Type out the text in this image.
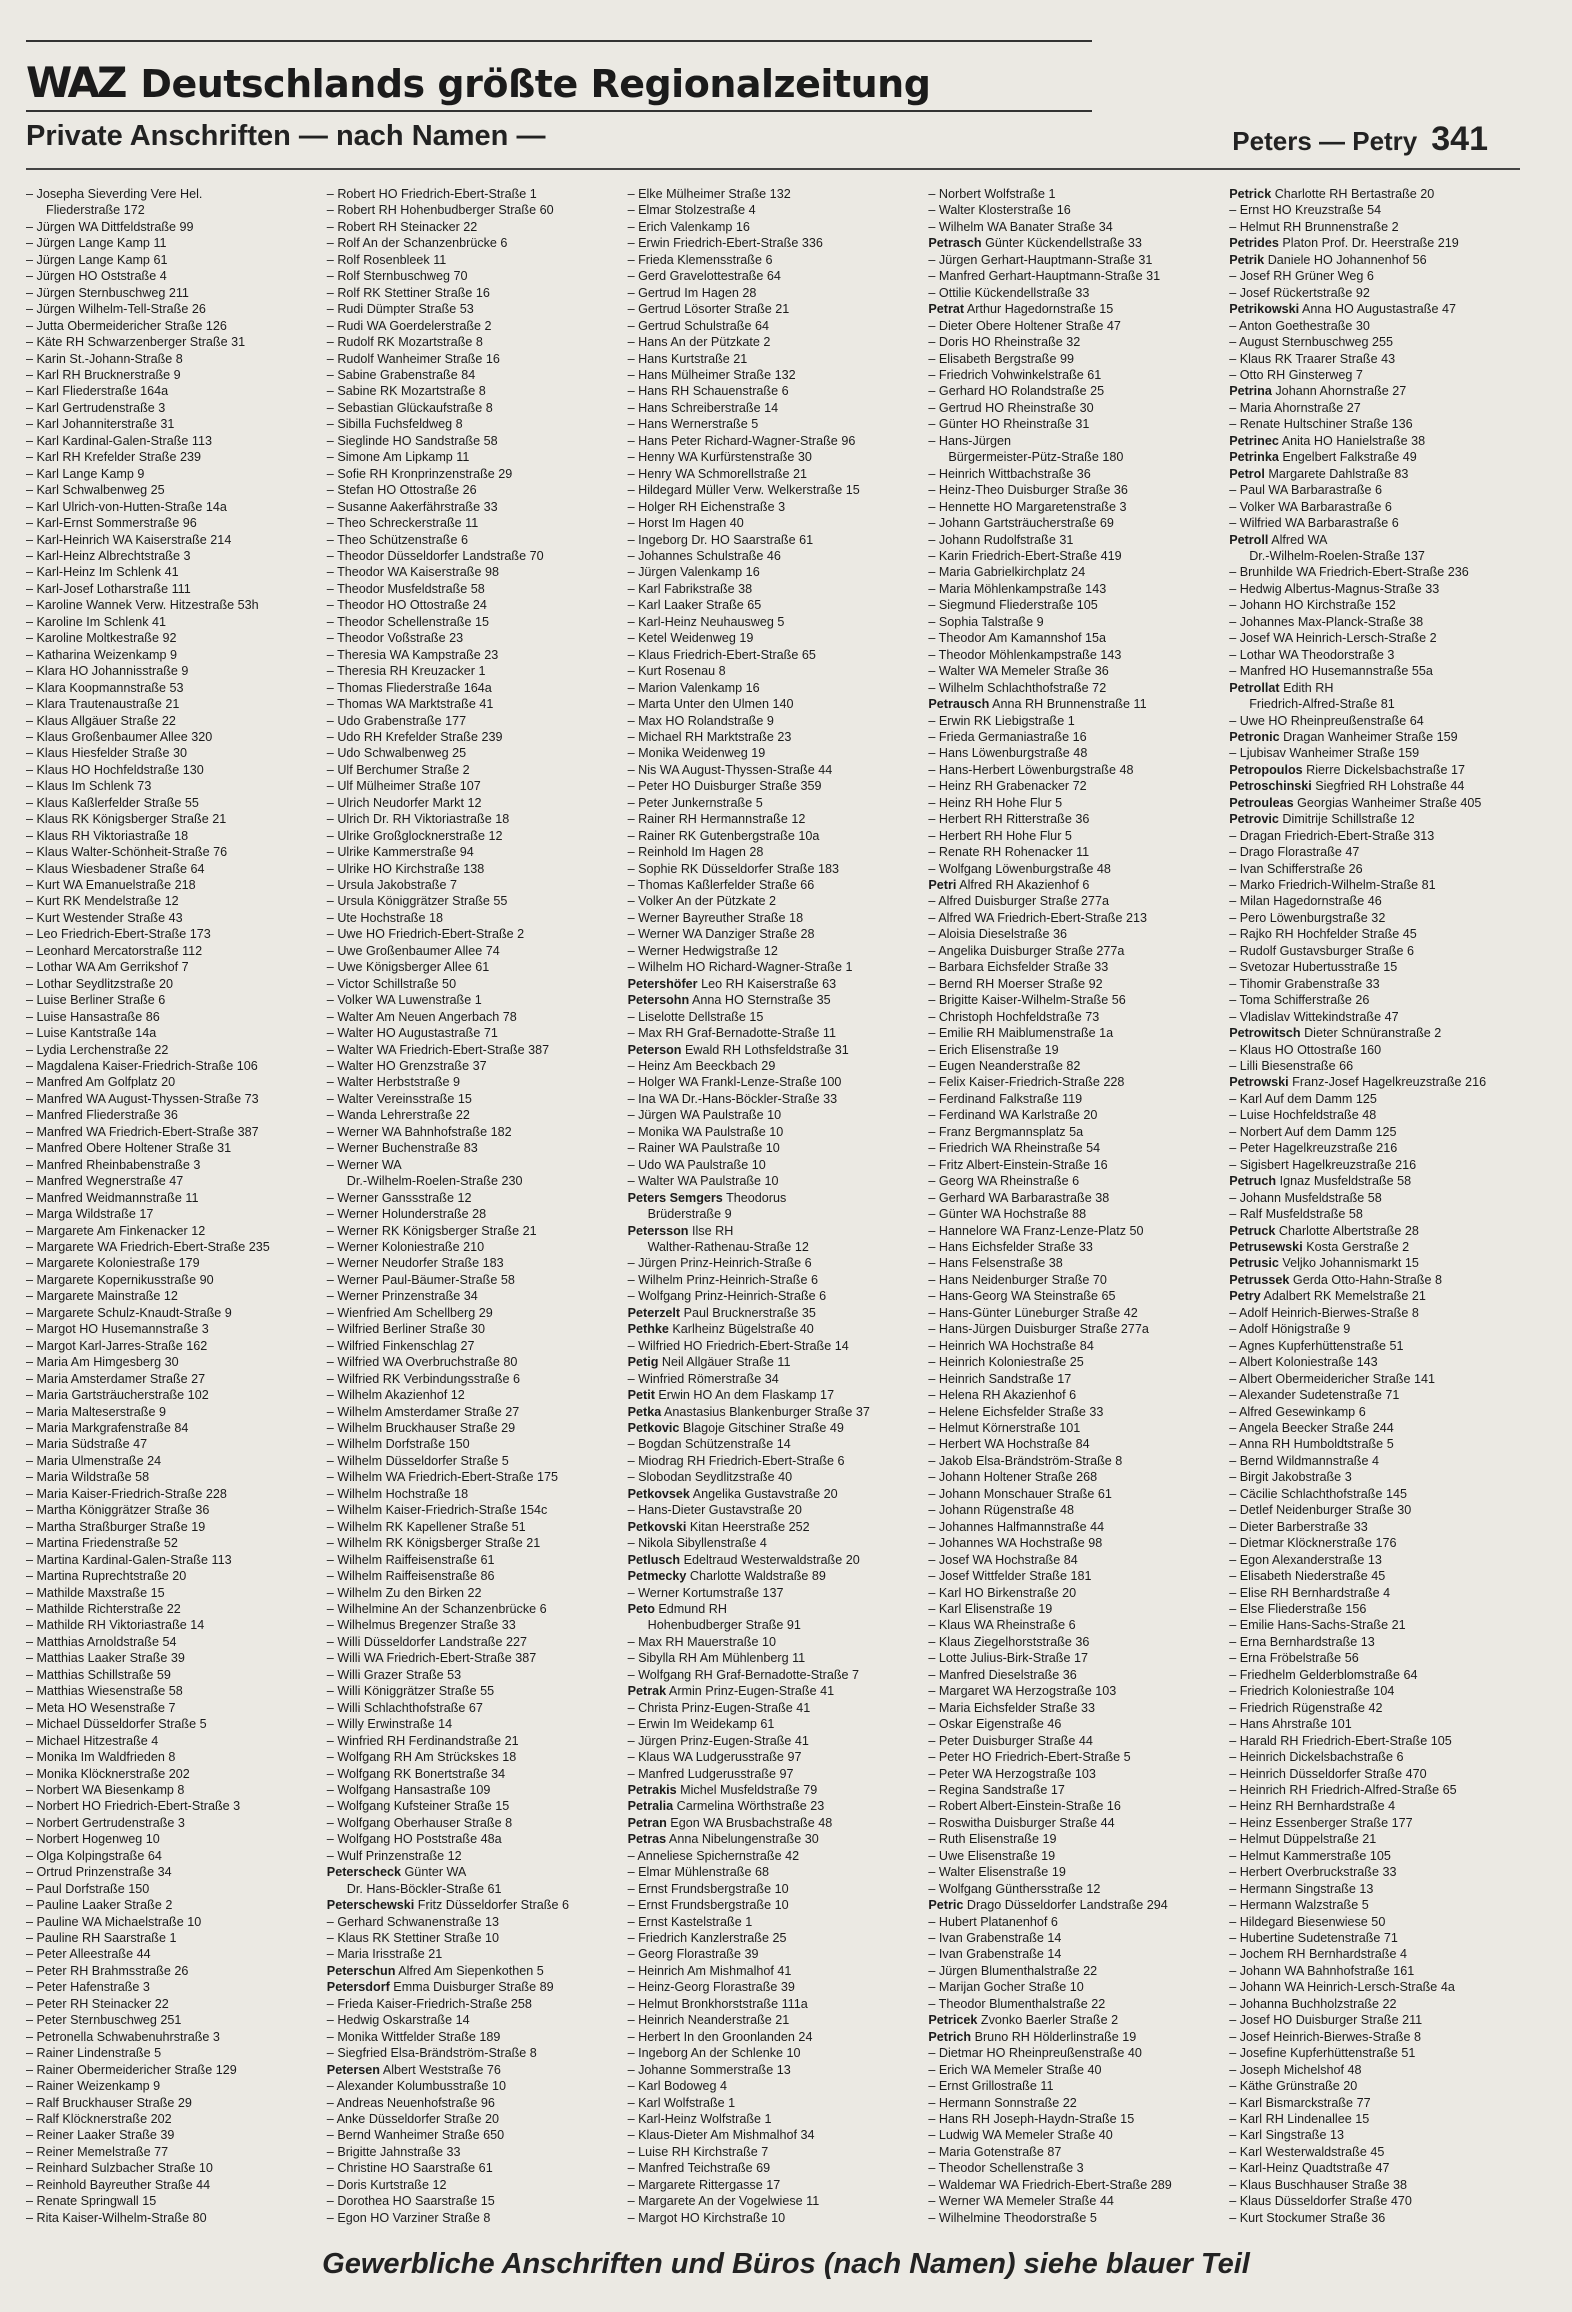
WAZ Deutschlands größte Regionalzeitung
Private Anschriften — nach Namen —	Peters — Petry 341
– Josepha Sieverding Vere Hel.
Fliederstraße 172
– Jürgen WA Dittfeldstraße 99
– Jürgen Lange Kamp 11
– Jürgen Lange Kamp 61
– Jürgen HO Oststraße 4
– Jürgen Sternbuschweg 211
– Jürgen Wilhelm-Tell-Straße 26
– Jutta Obermeidericher Straße 126
– Käte RH Schwarzenberger Straße 31
– Karin St.-Johann-Straße 8
– Karl RH Brucknerstraße 9
– Karl Fliederstraße 164a
– Karl Gertrudenstraße 3
– Karl Johanniterstraße 31
– Karl Kardinal-Galen-Straße 113
– Karl RH Krefelder Straße 239
– Karl Lange Kamp 9
– Karl Schwalbenweg 25
– Karl Ulrich-von-Hutten-Straße 14a
– Karl-Ernst Sommerstraße 96
– Karl-Heinrich WA Kaiserstraße 214
– Karl-Heinz Albrechtstraße 3
– Karl-Heinz Im Schlenk 41
– Karl-Josef Lotharstraße 111
– Karoline Wannek Verw. Hitzestraße 53h
– Karoline Im Schlenk 41
– Karoline Moltkestraße 92
– Katharina Weizenkamp 9
– Klara HO Johannisstraße 9
– Klara Koopmannstraße 53
– Klara Trautenaustraße 21
– Klaus Allgäuer Straße 22
– Klaus Großenbaumer Allee 320
– Klaus Hiesfelder Straße 30
– Klaus HO Hochfeldstraße 130
– Klaus Im Schlenk 73
– Klaus Kaßlerfelder Straße 55
– Klaus RK Königsberger Straße 21
– Klaus RH Viktoriastraße 18
– Klaus Walter-Schönheit-Straße 76
– Klaus Wiesbadener Straße 64
– Kurt WA Emanuelstraße 218
– Kurt RK Mendelstraße 12
– Kurt Westender Straße 43
– Leo Friedrich-Ebert-Straße 173
– Leonhard Mercatorstraße 112
– Lothar WA Am Gerrikshof 7
– Lothar Seydlitzstraße 20
– Luise Berliner Straße 6
– Luise Hansastraße 86
– Luise Kantstraße 14a
– Lydia Lerchenstraße 22
– Magdalena Kaiser-Friedrich-Straße 106
– Manfred Am Golfplatz 20
– Manfred WA August-Thyssen-Straße 73
– Manfred Fliederstraße 36
– Manfred WA Friedrich-Ebert-Straße 387
– Manfred Obere Holtener Straße 31
– Manfred Rheinbabenstraße 3
– Manfred Wegnerstraße 47
– Manfred Weidmannstraße 11
– Marga Wildstraße 17
– Margarete Am Finkenacker 12
– Margarete WA Friedrich-Ebert-Straße 235
– Margarete Koloniestraße 179
– Margarete Kopernikusstraße 90
– Margarete Mainstraße 12
– Margarete Schulz-Knaudt-Straße 9
– Margot HO Husemannstraße 3
– Margot Karl-Jarres-Straße 162
– Maria Am Himgesberg 30
– Maria Amsterdamer Straße 27
– Maria Gartsträucherstraße 102
– Maria Malteserstraße 9
– Maria Markgrafenstraße 84
– Maria Südstraße 47
– Maria Ulmenstraße 24
– Maria Wildstraße 58
– Maria Kaiser-Friedrich-Straße 228
– Martha Königgrätzer Straße 36
– Martha Straßburger Straße 19
– Martina Friedenstraße 52
– Martina Kardinal-Galen-Straße 113
– Martina Ruprechtstraße 20
– Mathilde Maxstraße 15
– Mathilde Richterstraße 22
– Mathilde RH Viktoriastraße 14
– Matthias Arnoldstraße 54
– Matthias Laaker Straße 39
– Matthias Schillstraße 59
– Matthias Wiesenstraße 58
– Meta HO Wesenstraße 7
– Michael Düsseldorfer Straße 5
– Michael Hitzestraße 4
– Monika Im Waldfrieden 8
– Monika Klöcknerstraße 202
– Norbert WA Biesenkamp 8
– Norbert HO Friedrich-Ebert-Straße 3
– Norbert Gertrudenstraße 3
– Norbert Hogenweg 10
– Olga Kolpingstraße 64
– Ortrud Prinzenstraße 34
– Paul Dorfstraße 150
– Pauline Laaker Straße 2
– Pauline WA Michaelstraße 10
– Pauline RH Saarstraße 1
– Peter Alleestraße 44
– Peter RH Brahmsstraße 26
– Peter Hafenstraße 3
– Peter RH Steinacker 22
– Peter Sternbuschweg 251
– Petronella Schwabenuhrstraße 3
– Rainer Lindenstraße 5
– Rainer Obermeidericher Straße 129
– Rainer Weizenkamp 9
– Ralf Bruckhauser Straße 29
– Ralf Klöcknerstraße 202
– Reiner Laaker Straße 39
– Reiner Memelstraße 77
– Reinhard Sulzbacher Straße 10
– Reinhold Bayreuther Straße 44
– Renate Springwall 15
– Rita Kaiser-Wilhelm-Straße 80
– Robert HO Friedrich-Ebert-Straße 1
– Robert RH Hohenbudberger Straße 60
– Robert RH Steinacker 22
– Rolf An der Schanzenbrücke 6
– Rolf Rosenbleek 11
– Rolf Sternbuschweg 70
– Rolf RK Stettiner Straße 16
– Rudi Dümpter Straße 53
– Rudi WA Goerdelerstraße 2
– Rudolf RK Mozartstraße 8
– Rudolf Wanheimer Straße 16
– Sabine Grabenstraße 84
– Sabine RK Mozartstraße 8
– Sebastian Glückaufstraße 8
– Sibilla Fuchsfeldweg 8
– Sieglinde HO Sandstraße 58
– Simone Am Lipkamp 11
– Sofie RH Kronprinzenstraße 29
– Stefan HO Ottostraße 26
– Susanne Aakerfährstraße 33
– Theo Schreckerstraße 11
– Theo Schützenstraße 6
– Theodor Düsseldorfer Landstraße 70
– Theodor WA Kaiserstraße 98
– Theodor Musfeldstraße 58
– Theodor HO Ottostraße 24
– Theodor Schellenstraße 15
– Theodor Voßstraße 23
– Theresia WA Kampstraße 23
– Theresia RH Kreuzacker 1
– Thomas Fliederstraße 164a
– Thomas WA Marktstraße 41
– Udo Grabenstraße 177
– Udo RH Krefelder Straße 239
– Udo Schwalbenweg 25
– Ulf Berchumer Straße 2
– Ulf Mülheimer Straße 107
– Ulrich Neudorfer Markt 12
– Ulrich Dr. RH Viktoriastraße 18
– Ulrike Großglocknerstraße 12
– Ulrike Kammerstraße 94
– Ulrike HO Kirchstraße 138
– Ursula Jakobstraße 7
– Ursula Königgrätzer Straße 55
– Ute Hochstraße 18
– Uwe HO Friedrich-Ebert-Straße 2
– Uwe Großenbaumer Allee 74
– Uwe Königsberger Allee 61
– Victor Schillstraße 50
– Volker WA Luwenstraße 1
– Walter Am Neuen Angerbach 78
– Walter HO Augustastraße 71
– Walter WA Friedrich-Ebert-Straße 387
– Walter HO Grenzstraße 37
– Walter Herbststraße 9
– Walter Vereinsstraße 15
– Wanda Lehrerstraße 22
– Werner WA Bahnhofstraße 182
– Werner Buchenstraße 83
– Werner WA
Dr.-Wilhelm-Roelen-Straße 230
– Werner Ganssstraße 12
– Werner Holunderstraße 28
– Werner RK Königsberger Straße 21
– Werner Koloniestraße 210
– Werner Neudorfer Straße 183
– Werner Paul-Bäumer-Straße 58
– Werner Prinzenstraße 34
– Wienfried Am Schellberg 29
– Wilfried Berliner Straße 30
– Wilfried Finkenschlag 27
– Wilfried WA Overbruchstraße 80
– Wilfried RK Verbindungsstraße 6
– Wilhelm Akazienhof 12
– Wilhelm Amsterdamer Straße 27
– Wilhelm Bruckhauser Straße 29
– Wilhelm Dorfstraße 150
– Wilhelm Düsseldorfer Straße 5
– Wilhelm WA Friedrich-Ebert-Straße 175
– Wilhelm Hochstraße 18
– Wilhelm Kaiser-Friedrich-Straße 154c
– Wilhelm RK Kapellener Straße 51
– Wilhelm RK Königsberger Straße 21
– Wilhelm Raiffeisenstraße 61
– Wilhelm Raiffeisenstraße 86
– Wilhelm Zu den Birken 22
– Wilhelmine An der Schanzenbrücke 6
– Wilhelmus Bregenzer Straße 33
– Willi Düsseldorfer Landstraße 227
– Willi WA Friedrich-Ebert-Straße 387
– Willi Grazer Straße 53
– Willi Königgrätzer Straße 55
– Willi Schlachthofstraße 67
– Willy Erwinstraße 14
– Winfried RH Ferdinandstraße 21
– Wolfgang RH Am Strückskes 18
– Wolfgang RK Bonertstraße 34
– Wolfgang Hansastraße 109
– Wolfgang Kufsteiner Straße 15
– Wolfgang Oberhauser Straße 8
– Wolfgang HO Poststraße 48a
– Wulf Prinzenstraße 12
Peterscheck Günter WA
Dr. Hans-Böckler-Straße 61
Peterschewski Fritz Düsseldorfer Straße 6
– Gerhard Schwanenstraße 13
– Klaus RK Stettiner Straße 10
– Maria Irisstraße 21
Peterschun Alfred Am Siepenkothen 5
Petersdorf Emma Duisburger Straße 89
– Frieda Kaiser-Friedrich-Straße 258
– Hedwig Oskarstraße 14
– Monika Wittfelder Straße 189
– Siegfried Elsa-Brändström-Straße 8
Petersen Albert Weststraße 76
– Alexander Kolumbusstraße 10
– Andreas Neuenhofstraße 96
– Anke Düsseldorfer Straße 20
– Bernd Wanheimer Straße 650
– Brigitte Jahnstraße 33
– Christine HO Saarstraße 61
– Doris Kurtstraße 12
– Dorothea HO Saarstraße 15
– Egon HO Varziner Straße 8
– Elke Mülheimer Straße 132
– Elmar Stolzestraße 4
– Erich Valenkamp 16
– Erwin Friedrich-Ebert-Straße 336
– Frieda Klemensstraße 6
– Gerd Gravelottestraße 64
– Gertrud Im Hagen 28
– Gertrud Lösorter Straße 21
– Gertrud Schulstraße 64
– Hans An der Pützkate 2
– Hans Kurtstraße 21
– Hans Mülheimer Straße 132
– Hans RH Schauenstraße 6
– Hans Schreiberstraße 14
– Hans Wernerstraße 5
– Hans Peter Richard-Wagner-Straße 96
– Henny WA Kurfürstenstraße 30
– Henry WA Schmorellstraße 21
– Hildegard Müller Verw. Welkerstraße 15
– Holger RH Eichenstraße 3
– Horst Im Hagen 40
– Ingeborg Dr. HO Saarstraße 61
– Johannes Schulstraße 46
– Jürgen Valenkamp 16
– Karl Fabrikstraße 38
– Karl Laaker Straße 65
– Karl-Heinz Neuhausweg 5
– Ketel Weidenweg 19
– Klaus Friedrich-Ebert-Straße 65
– Kurt Rosenau 8
– Marion Valenkamp 16
– Marta Unter den Ulmen 140
– Max HO Rolandstraße 9
– Michael RH Marktstraße 23
– Monika Weidenweg 19
– Nis WA August-Thyssen-Straße 44
– Peter HO Duisburger Straße 359
– Peter Junkernstraße 5
– Rainer RH Hermannstraße 12
– Rainer RK Gutenbergstraße 10a
– Reinhold Im Hagen 28
– Sophie RK Düsseldorfer Straße 183
– Thomas Kaßlerfelder Straße 66
– Volker An der Pützkate 2
– Werner Bayreuther Straße 18
– Werner WA Danziger Straße 28
– Werner Hedwigstraße 12
– Wilhelm HO Richard-Wagner-Straße 1
Petershöfer Leo RH Kaiserstraße 63
Petersohn Anna HO Sternstraße 35
– Liselotte Dellstraße 15
– Max RH Graf-Bernadotte-Straße 11
Peterson Ewald RH Lothsfeldstraße 31
– Heinz Am Beeckbach 29
– Holger WA Frankl-Lenze-Straße 100
– Ina WA Dr.-Hans-Böckler-Straße 33
– Jürgen WA Paulstraße 10
– Monika WA Paulstraße 10
– Rainer WA Paulstraße 10
– Udo WA Paulstraße 10
– Walter WA Paulstraße 10
Peters Semgers Theodorus
Brüderstraße 9
Petersson Ilse RH
Walther-Rathenau-Straße 12
– Jürgen Prinz-Heinrich-Straße 6
– Wilhelm Prinz-Heinrich-Straße 6
– Wolfgang Prinz-Heinrich-Straße 6
Peterzelt Paul Brucknerstraße 35
Pethke Karlheinz Bügelstraße 40
– Wilfried HO Friedrich-Ebert-Straße 14
Petig Neil Allgäuer Straße 11
– Winfried Römerstraße 34
Petit Erwin HO An dem Flaskamp 17
Petka Anastasius Blankenburger Straße 37
Petkovic Blagoje Gitschiner Straße 49
– Bogdan Schützenstraße 14
– Miodrag RH Friedrich-Ebert-Straße 6
– Slobodan Seydlitzstraße 40
Petkovsek Angelika Gustavstraße 20
– Hans-Dieter Gustavstraße 20
Petkovski Kitan Heerstraße 252
– Nikola Sibyllenstraße 4
Petlusch Edeltraud Westerwaldstraße 20
Petmecky Charlotte Waldstraße 89
– Werner Kortumstraße 137
Peto Edmund RH
Hohenbudberger Straße 91
– Max RH Mauerstraße 10
– Sibylla RH Am Mühlenberg 11
– Wolfgang RH Graf-Bernadotte-Straße 7
Petrak Armin Prinz-Eugen-Straße 41
– Christa Prinz-Eugen-Straße 41
– Erwin Im Weidekamp 61
– Jürgen Prinz-Eugen-Straße 41
– Klaus WA Ludgerusstraße 97
– Manfred Ludgerusstraße 97
Petrakis Michel Musfeldstraße 79
Petralia Carmelina Wörthstraße 23
Petran Egon WA Brusbachstraße 48
Petras Anna Nibelungenstraße 30
– Anneliese Spichernstraße 42
– Elmar Mühlenstraße 68
– Ernst Frundsbergstraße 10
– Ernst Frundsbergstraße 10
– Ernst Kastelstraße 1
– Friedrich Kanzlerstraße 25
– Georg Florastraße 39
– Heinrich Am Mishmalhof 41
– Heinz-Georg Florastraße 39
– Helmut Bronkhorststraße 111a
– Heinrich Neanderstraße 21
– Herbert In den Groonlanden 24
– Ingeborg An der Schlenke 10
– Johanne Sommerstraße 13
– Karl Bodoweg 4
– Karl Wolfstraße 1
– Karl-Heinz Wolfstraße 1
– Klaus-Dieter Am Mishmalhof 34
– Luise RH Kirchstraße 7
– Manfred Teichstraße 69
– Margarete Rittergasse 17
– Margarete An der Vogelwiese 11
– Margot HO Kirchstraße 10
– Norbert Wolfstraße 1
– Walter Klosterstraße 16
– Wilhelm WA Banater Straße 34
Petrasch Günter Kückendellstraße 33
– Jürgen Gerhart-Hauptmann-Straße 31
– Manfred Gerhart-Hauptmann-Straße 31
– Ottilie Kückendellstraße 33
Petrat Arthur Hagedornstraße 15
– Dieter Obere Holtener Straße 47
– Doris HO Rheinstraße 32
– Elisabeth Bergstraße 99
– Friedrich Vohwinkelstraße 61
– Gerhard HO Rolandstraße 25
– Gertrud HO Rheinstraße 30
– Günter HO Rheinstraße 31
– Hans-Jürgen
Bürgermeister-Pütz-Straße 180
– Heinrich Wittbachstraße 36
– Heinz-Theo Duisburger Straße 36
– Hennette HO Margaretenstraße 3
– Johann Gartsträucherstraße 69
– Johann Rudolfstraße 31
– Karin Friedrich-Ebert-Straße 419
– Maria Gabrielkirchplatz 24
– Maria Möhlenkampstraße 143
– Siegmund Fliederstraße 105
– Sophia Talstraße 9
– Theodor Am Kamannshof 15a
– Theodor Möhlenkampstraße 143
– Walter WA Memeler Straße 36
– Wilhelm Schlachthofstraße 72
Petrausch Anna RH Brunnenstraße 11
– Erwin RK Liebigstraße 1
– Frieda Germaniastraße 16
– Hans Löwenburgstraße 48
– Hans-Herbert Löwenburgstraße 48
– Heinz RH Grabenacker 72
– Heinz RH Hohe Flur 5
– Herbert RH Ritterstraße 36
– Herbert RH Hohe Flur 5
– Renate RH Rohenacker 11
– Wolfgang Löwenburgstraße 48
Petri Alfred RH Akazienhof 6
– Alfred Duisburger Straße 277a
– Alfred WA Friedrich-Ebert-Straße 213
– Aloisia Dieselstraße 36
– Angelika Duisburger Straße 277a
– Barbara Eichsfelder Straße 33
– Bernd RH Moerser Straße 92
– Brigitte Kaiser-Wilhelm-Straße 56
– Christoph Hochfeldstraße 73
– Emilie RH Maiblumenstraße 1a
– Erich Elisenstraße 19
– Eugen Neanderstraße 82
– Felix Kaiser-Friedrich-Straße 228
– Ferdinand Falkstraße 119
– Ferdinand WA Karlstraße 20
– Franz Bergmannsplatz 5a
– Friedrich WA Rheinstraße 54
– Fritz Albert-Einstein-Straße 16
– Georg WA Rheinstraße 6
– Gerhard WA Barbarastraße 38
– Günter WA Hochstraße 88
– Hannelore WA Franz-Lenze-Platz 50
– Hans Eichsfelder Straße 33
– Hans Felsenstraße 38
– Hans Neidenburger Straße 70
– Hans-Georg WA Steinstraße 65
– Hans-Günter Lüneburger Straße 42
– Hans-Jürgen Duisburger Straße 277a
– Heinrich WA Hochstraße 84
– Heinrich Koloniestraße 25
– Heinrich Sandstraße 17
– Helena RH Akazienhof 6
– Helene Eichsfelder Straße 33
– Helmut Körnerstraße 101
– Herbert WA Hochstraße 84
– Jakob Elsa-Brändström-Straße 8
– Johann Holtener Straße 268
– Johann Monschauer Straße 61
– Johann Rügenstraße 48
– Johannes Halfmannstraße 44
– Johannes WA Hochstraße 98
– Josef WA Hochstraße 84
– Josef Wittfelder Straße 181
– Karl HO Birkenstraße 20
– Karl Elisenstraße 19
– Klaus WA Rheinstraße 6
– Klaus Ziegelhorststraße 36
– Lotte Julius-Birk-Straße 17
– Manfred Dieselstraße 36
– Margaret WA Herzogstraße 103
– Maria Eichsfelder Straße 33
– Oskar Eigenstraße 46
– Peter Duisburger Straße 44
– Peter HO Friedrich-Ebert-Straße 5
– Peter WA Herzogstraße 103
– Regina Sandstraße 17
– Robert Albert-Einstein-Straße 16
– Roswitha Duisburger Straße 44
– Ruth Elisenstraße 19
– Uwe Elisenstraße 19
– Walter Elisenstraße 19
– Wolfgang Günthersstraße 12
Petric Drago Düsseldorfer Landstraße 294
– Hubert Platanenhof 6
– Ivan Grabenstraße 14
– Ivan Grabenstraße 14
– Jürgen Blumenthalstraße 22
– Marijan Gocher Straße 10
– Theodor Blumenthalstraße 22
Petricek Zvonko Baerler Straße 2
Petrich Bruno RH Hölderlinstraße 19
– Dietmar HO Rheinpreußenstraße 40
– Erich WA Memeler Straße 40
– Ernst Grillostraße 11
– Hermann Sonnstraße 22
– Hans RH Joseph-Haydn-Straße 15
– Ludwig WA Memeler Straße 40
– Maria Gotenstraße 87
– Theodor Schellenstraße 3
– Waldemar WA Friedrich-Ebert-Straße 289
– Werner WA Memeler Straße 44
– Wilhelmine Theodorstraße 5
Petrick Charlotte RH Bertastraße 20
– Ernst HO Kreuzstraße 54
– Helmut RH Brunnenstraße 2
Petrides Platon Prof. Dr. Heerstraße 219
Petrik Daniele HO Johannenhof 56
– Josef RH Grüner Weg 6
– Josef Rückertstraße 92
Petrikowski Anna HO Augustastraße 47
– Anton Goethestraße 30
– August Sternbuschweg 255
– Klaus RK Traarer Straße 43
– Otto RH Ginsterweg 7
Petrina Johann Ahornstraße 27
– Maria Ahornstraße 27
– Renate Hultschiner Straße 136
Petrinec Anita HO Hanielstraße 38
Petrinka Engelbert Falkstraße 49
Petrol Margarete Dahlstraße 83
– Paul WA Barbarastraße 6
– Volker WA Barbarastraße 6
– Wilfried WA Barbarastraße 6
Petroll Alfred WA
Dr.-Wilhelm-Roelen-Straße 137
– Brunhilde WA Friedrich-Ebert-Straße 236
– Hedwig Albertus-Magnus-Straße 33
– Johann HO Kirchstraße 152
– Johannes Max-Planck-Straße 38
– Josef WA Heinrich-Lersch-Straße 2
– Lothar WA Theodorstraße 3
– Manfred HO Husemannstraße 55a
Petrollat Edith RH
Friedrich-Alfred-Straße 81
– Uwe HO Rheinpreußenstraße 64
Petronic Dragan Wanheimer Straße 159
– Ljubisav Wanheimer Straße 159
Petropoulos Rierre Dickelsbachstraße 17
Petroschinski Siegfried RH Lohstraße 44
Petrouleas Georgias Wanheimer Straße 405
Petrovic Dimitrije Schillstraße 12
– Dragan Friedrich-Ebert-Straße 313
– Drago Florastraße 47
– Ivan Schifferstraße 26
– Marko Friedrich-Wilhelm-Straße 81
– Milan Hagedornstraße 46
– Pero Löwenburgstraße 32
– Rajko RH Hochfelder Straße 45
– Rudolf Gustavsburger Straße 6
– Svetozar Hubertusstraße 15
– Tihomir Grabenstraße 33
– Toma Schifferstraße 26
– Vladislav Wittekindstraße 47
Petrowitsch Dieter Schnüranstraße 2
– Klaus HO Ottostraße 160
– Lilli Biesenstraße 66
Petrowski Franz-Josef Hagelkreuzstraße 216
– Karl Auf dem Damm 125
– Luise Hochfeldstraße 48
– Norbert Auf dem Damm 125
– Peter Hagelkreuzstraße 216
– Sigisbert Hagelkreuzstraße 216
Petruch Ignaz Musfeldstraße 58
– Johann Musfeldstraße 58
– Ralf Musfeldstraße 58
Petruck Charlotte Albertstraße 28
Petrusewski Kosta Gerstraße 2
Petrusic Veljko Johannismarkt 15
Petrussek Gerda Otto-Hahn-Straße 8
Petry Adalbert RK Memelstraße 21
– Adolf Heinrich-Bierwes-Straße 8
– Adolf Hönigstraße 9
– Agnes Kupferhüttenstraße 51
– Albert Koloniestraße 143
– Albert Obermeidericher Straße 141
– Alexander Sudetenstraße 71
– Alfred Gesewinkamp 6
– Angela Beecker Straße 244
– Anna RH Humboldtstraße 5
– Bernd Wildmannstraße 4
– Birgit Jakobstraße 3
– Cäcilie Schlachthofstraße 145
– Detlef Neidenburger Straße 30
– Dieter Barberstraße 33
– Dietmar Klöcknerstraße 176
– Egon Alexanderstraße 13
– Elisabeth Niederstraße 45
– Elise RH Bernhardstraße 4
– Else Fliederstraße 156
– Emilie Hans-Sachs-Straße 21
– Erna Bernhardstraße 13
– Erna Fröbelstraße 56
– Friedhelm Gelderblomstraße 64
– Friedrich Koloniestraße 104
– Friedrich Rügenstraße 42
– Hans Ahrstraße 101
– Harald RH Friedrich-Ebert-Straße 105
– Heinrich Dickelsbachstraße 6
– Heinrich Düsseldorfer Straße 470
– Heinrich RH Friedrich-Alfred-Straße 65
– Heinz RH Bernhardstraße 4
– Heinz Essenberger Straße 177
– Helmut Düppelstraße 21
– Helmut Kammerstraße 105
– Herbert Overbruckstraße 33
– Hermann Singstraße 13
– Hermann Walzstraße 5
– Hildegard Biesenwiese 50
– Hubertine Sudetenstraße 71
– Jochem RH Bernhardstraße 4
– Johann WA Bahnhofstraße 161
– Johann WA Heinrich-Lersch-Straße 4a
– Johanna Buchholzstraße 22
– Josef HO Duisburger Straße 211
– Josef Heinrich-Bierwes-Straße 8
– Josefine Kupferhüttenstraße 51
– Joseph Michelshof 48
– Käthe Grünstraße 20
– Karl Bismarckstraße 77
– Karl RH Lindenallee 15
– Karl Singstraße 13
– Karl Westerwaldstraße 45
– Karl-Heinz Quadtstraße 47
– Klaus Buschhauser Straße 38
– Klaus Düsseldorfer Straße 470
– Kurt Stockumer Straße 36
Gewerbliche Anschriften und Büros (nach Namen) siehe blauer Teil
